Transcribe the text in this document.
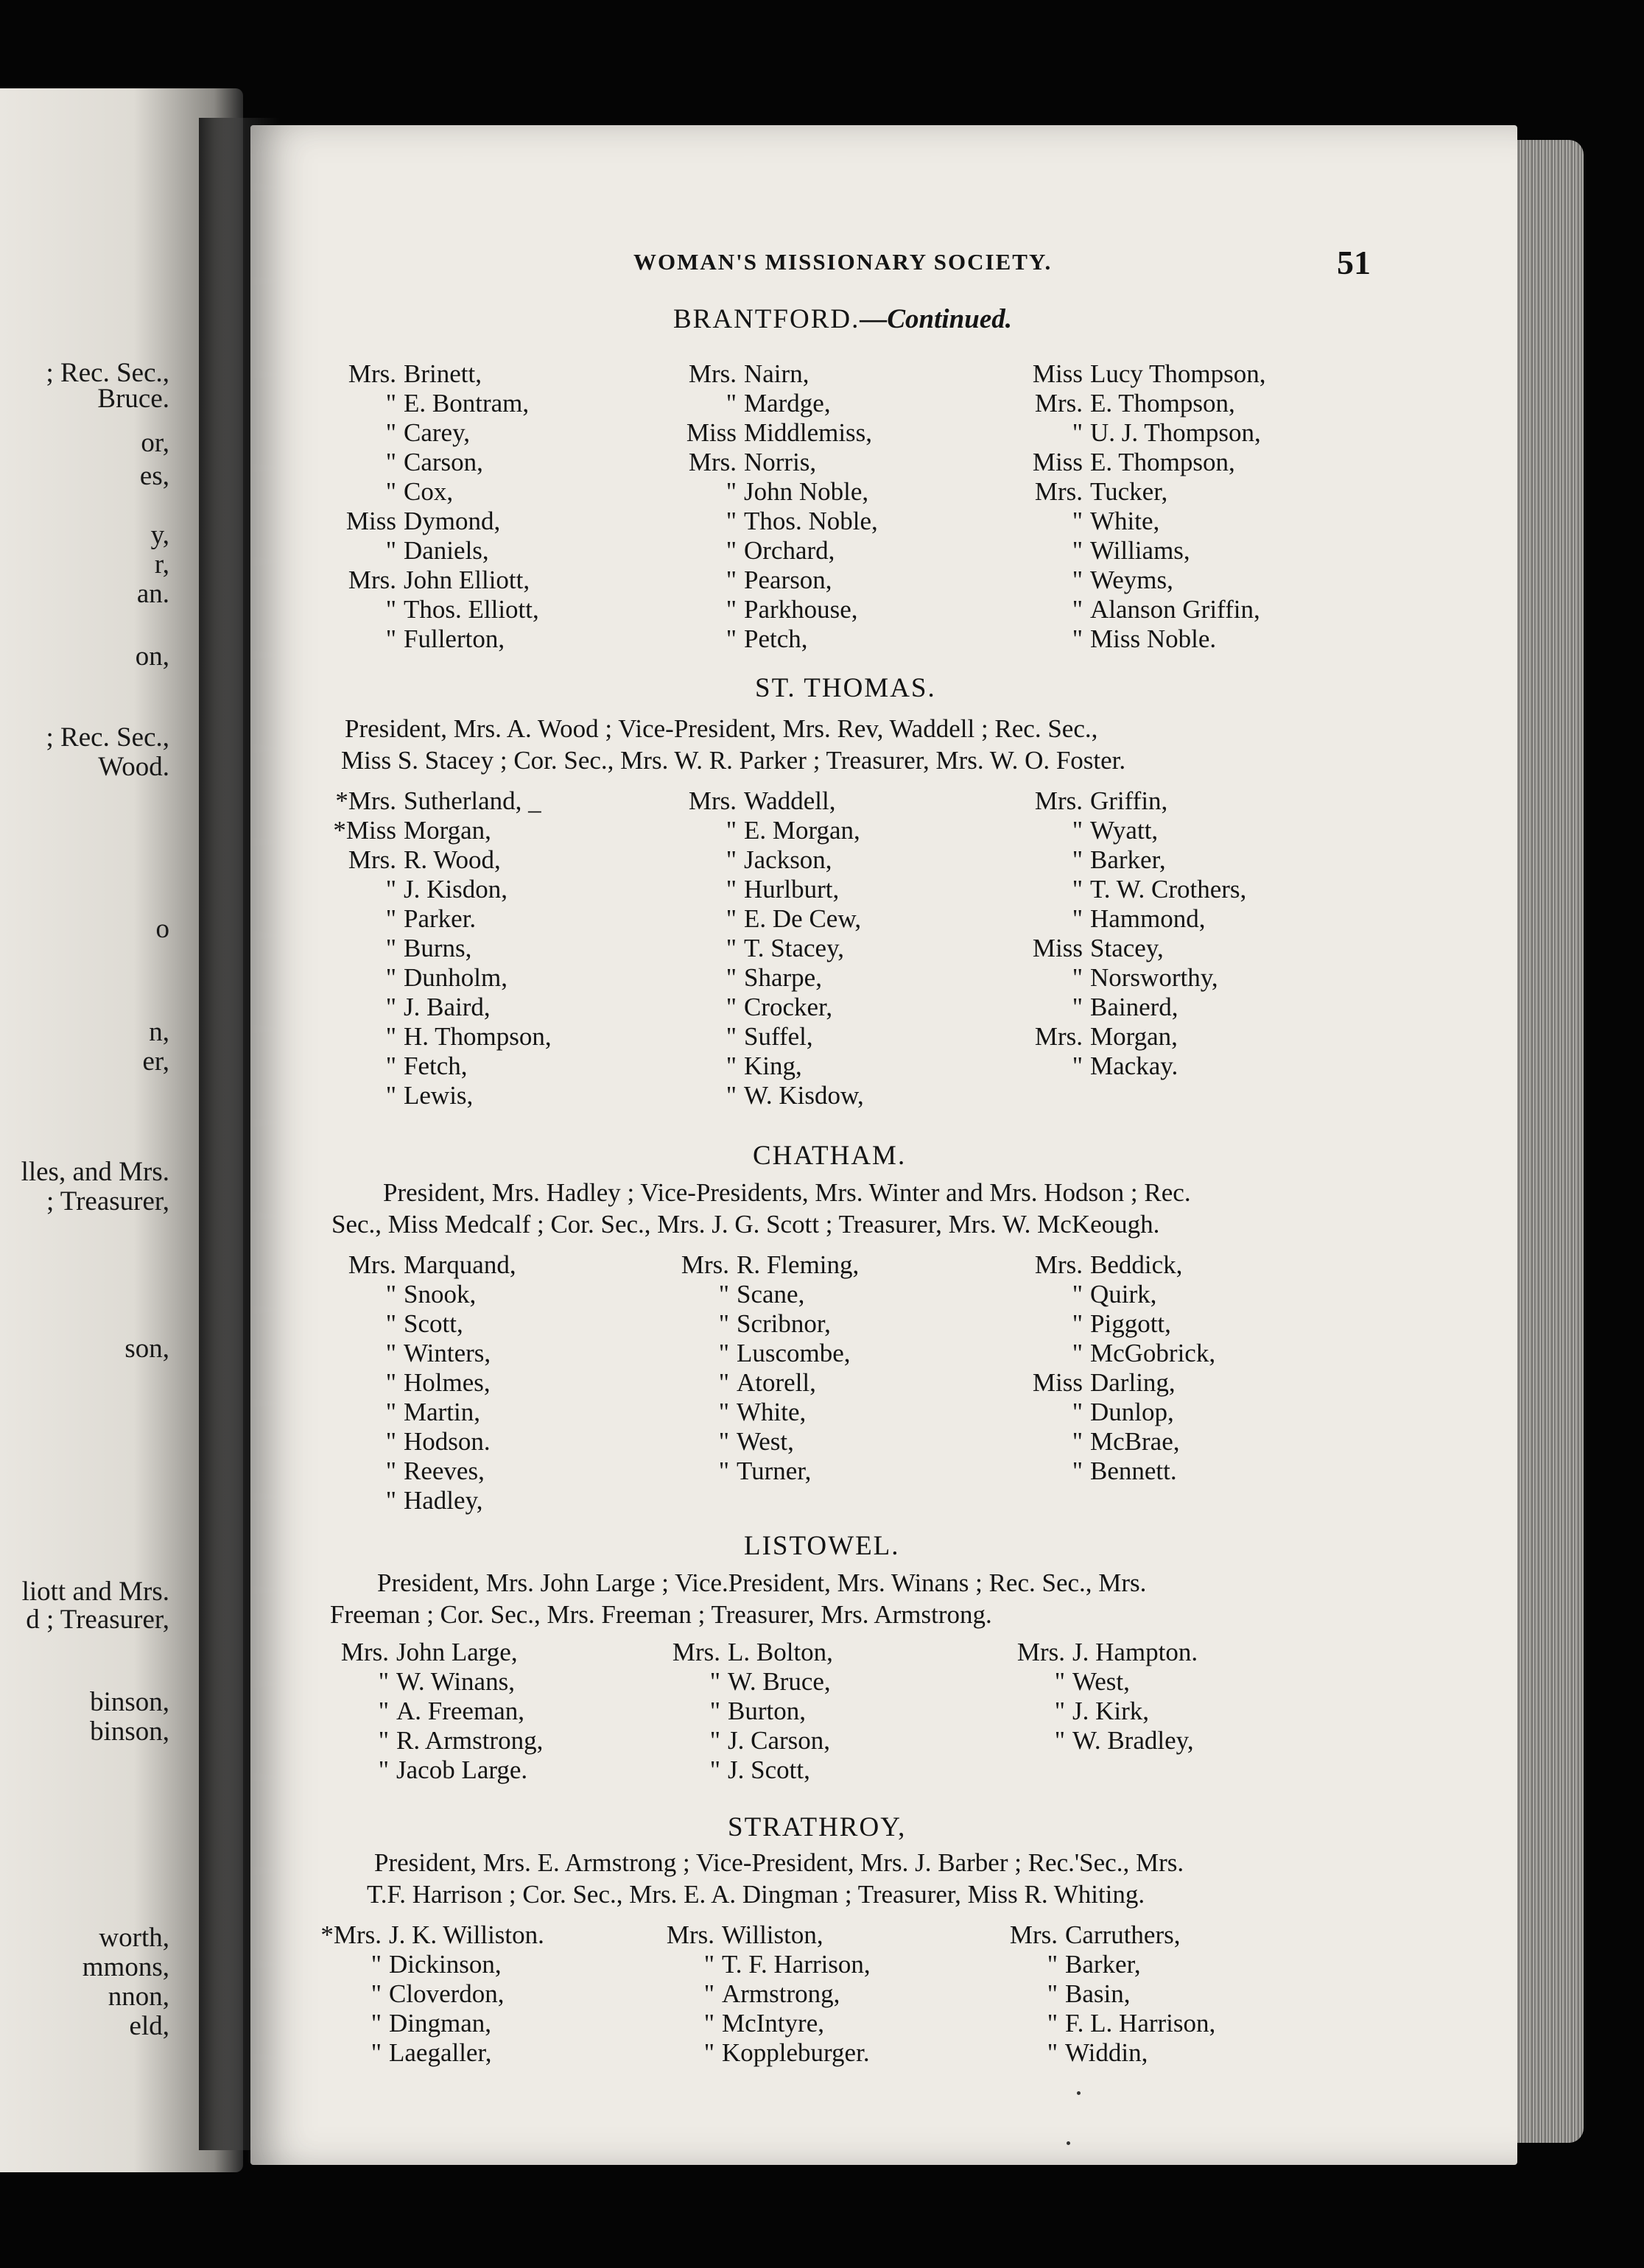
; Rec. Sec.,
Bruce.
or,
es,
y,
r,
an.
on,
; Rec. Sec.,
Wood.
o
n,
er,
lles, and Mrs.
; Treasurer,
son,
binson,
binson,
liott and Mrs.
d ; Treasurer,
worth,
mmons,
nnon,
eld,
WOMAN'S MISSIONARY SOCIETY.	51
BRANTFORD.—Continued.
Mrs. Brinett,
" E. Bontram,
" Carey,
" Carson,
" Cox,
Miss Dymond,
" Daniels,
Mrs. John Elliott,
" Thos. Elliott,
" Fullerton,
Mrs. Nairn,
" Mardge,
Miss Middlemiss,
Mrs. Norris,
" John Noble,
" Thos. Noble,
" Orchard,
" Pearson,
" Parkhouse,
" Petch,
Miss Lucy Thompson,
Mrs. E. Thompson,
" U. J. Thompson,
Miss E. Thompson,
Mrs. Tucker,
" White,
" Williams,
" Weyms,
" Alanson Griffin,
" Miss Noble.
ST. THOMAS.
President, Mrs. A. Wood ; Vice-President, Mrs. Rev, Waddell ; Rec. Sec.,
Miss S. Stacey ; Cor. Sec., Mrs. W. R. Parker ; Treasurer, Mrs. W. O. Foster.
*Mrs. Sutherland, _
*Miss Morgan,
Mrs. R. Wood,
" J. Kisdon,
" Parker.
" Burns,
" Dunholm,
" J. Baird,
" H. Thompson,
" Fetch,
" Lewis,
Mrs. Waddell,
" E. Morgan,
" Jackson,
" Hurlburt,
" E. De Cew,
" T. Stacey,
" Sharpe,
" Crocker,
" Suffel,
" King,
" W. Kisdow,
Mrs. Griffin,
" Wyatt,
" Barker,
" T. W. Crothers,
" Hammond,
Miss Stacey,
" Norsworthy,
" Bainerd,
Mrs. Morgan,
" Mackay.
CHATHAM.
President, Mrs. Hadley ; Vice-Presidents, Mrs. Winter and Mrs. Hodson ; Rec.
Sec., Miss Medcalf ; Cor. Sec., Mrs. J. G. Scott ; Treasurer, Mrs. W. McKeough.
Mrs. Marquand,
" Snook,
" Scott,
" Winters,
" Holmes,
" Martin,
" Hodson.
" Reeves,
" Hadley,
Mrs. R. Fleming,
" Scane,
" Scribnor,
" Luscombe,
" Atorell,
" White,
" West,
" Turner,
Mrs. Beddick,
" Quirk,
" Piggott,
" McGobrick,
Miss Darling,
" Dunlop,
" McBrae,
" Bennett.
LISTOWEL.
President, Mrs. John Large ; Vice.President, Mrs. Winans ; Rec. Sec., Mrs.
Freeman ; Cor. Sec., Mrs. Freeman ; Treasurer, Mrs. Armstrong.
Mrs. John Large,
" W. Winans,
" A. Freeman,
" R. Armstrong,
" Jacob Large.
Mrs. L. Bolton,
" W. Bruce,
" Burton,
" J. Carson,
" J. Scott,
Mrs. J. Hampton.
" West,
" J. Kirk,
" W. Bradley,
STRATHROY,
President, Mrs. E. Armstrong ; Vice-President, Mrs. J. Barber ; Rec.'Sec., Mrs.
T.F. Harrison ; Cor. Sec., Mrs. E. A. Dingman ; Treasurer, Miss R. Whiting.
*Mrs. J. K. Williston.
" Dickinson,
" Cloverdon,
" Dingman,
" Laegaller,
Mrs. Williston,
" T. F. Harrison,
" Armstrong,
" McIntyre,
" Koppleburger.
Mrs. Carruthers,
" Barker,
" Basin,
" F. L. Harrison,
" Widdin,
